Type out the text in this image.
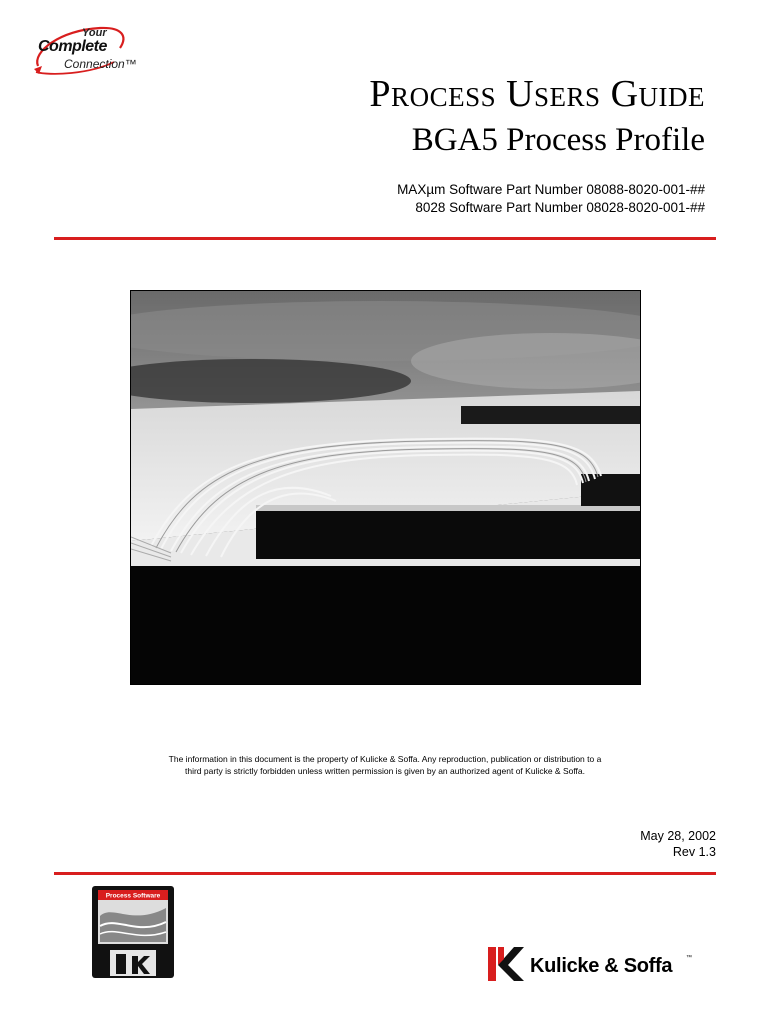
Your
Complete
Connection™
Process Users Guide
BGA5 Process Profile
MAXµm Software Part Number 08088-8020-001-##
8028 Software Part Number 08028-8020-001-##
The information in this document is the property of Kulicke & Soffa. Any reproduction, publication or distribution to a third party is strictly forbidden unless written permission is given by an authorized agent of Kulicke & Soffa.
May 28, 2002
Rev 1.3
Process Software
Kulicke & Soffa ™
